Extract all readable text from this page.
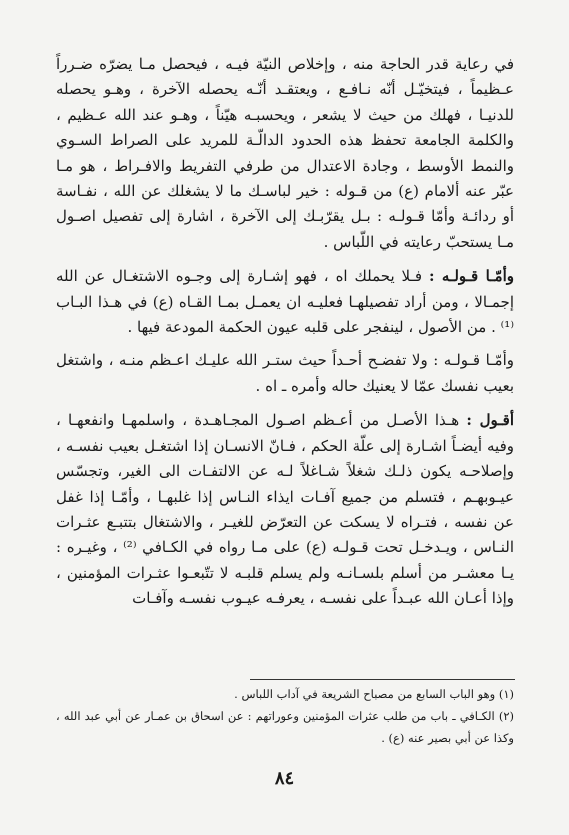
في رعاية قدر الحاجة منه ، وإخلاص النيّة فيـه ، فيحصل مـا يضرّه ضـرراً عـظيماً ، فيتخيّـل أنّه نـافـع ، ويعتقـد أنّـه يحصله الآخرة ، وهـو يحصله للدنيـا ، فهلك من حيث لا يشعر ، ويحسبـه هيّناً ، وهـو عند الله عـظيم ، والكلمة الجامعة تحفظ هذه الحدود الدالّـة للمريد على الصراط السـوي والنمط الأوسط ، وجادة الاعتدال من طرفي التفريط والافـراط ، هو مـا عبّر عنه ألامام (ع) من قـوله : خير لباسـك ما لا يشغلك عن الله ، نفـاسة أو ردائـة وأمّا قـولـه : بـل يقرّبـك إلى الآخرة ، اشارة إلى تفصيل اصـول مـا يستحبّ رعايته في اللّباس .

وأمّـا قـولـه : فـلا يحملك اه ، فهو إشـارة إلى وجـوه الاشتغـال عن الله إجمـالا ، ومن أراد تفصيلهـا فعليـه ان يعمـل بمـا القـاه (ع) في هـذا البـاب ⁽¹⁾ . من الأصول ، لينفجر على قلبه عيون الحكمة المودعة فيها .

وأمّـا قـولـه : ولا تفضـح أحـداً حيث ستـر الله عليـك اعـظم منـه ، واشتغل بعيب نفسك عمّا لا يعنيك حاله وأمره ـ اه .

أقـول : هـذا الأصـل من أعـظم اصـول المجـاهـدة ، واسلمهـا وانفعهـا ، وفيه أيضـاً اشـارة إلى علّة الحكم ، فـانّ الانسـان إذا اشتغـل بعيب نفسـه ، وإصلاحـه يكون ذلـك شغلاً شـاغلاً لـه عن الالتفـات الى الغير، وتجسّس عيـوبهـم ، فتسلم من جميع آفـات ايذاء النـاس إذا غلبهـا ، وأمّـا إذا غفل عن نفسه ، فتـراه لا يسكت عن التعرّض للغيـر ، والاشتغال بتتبـع عثـرات النـاس ، ويـدخـل تحت قـولـه (ع) على مـا رواه في الكـافي ⁽²⁾ ، وغيـره : يـا معشـر من أسلم بلسـانـه ولم يسلم قلبـه لا تتّبعـوا عثـرات المؤمنين ، وإذا أعـان الله عبـداً على نفسـه ، يعرفـه عيـوب نفسـه وآفـات

(١) وهو الباب السابع من مصباح الشريعة في آداب اللباس .

(٢) الكـافي ـ باب من طلب عثرات المؤمنين وعوراتهم : عن اسحاق بن عمـار عن أبي عبد الله ، وكذا عن أبي بصير عنه (ع) .

٨٤
